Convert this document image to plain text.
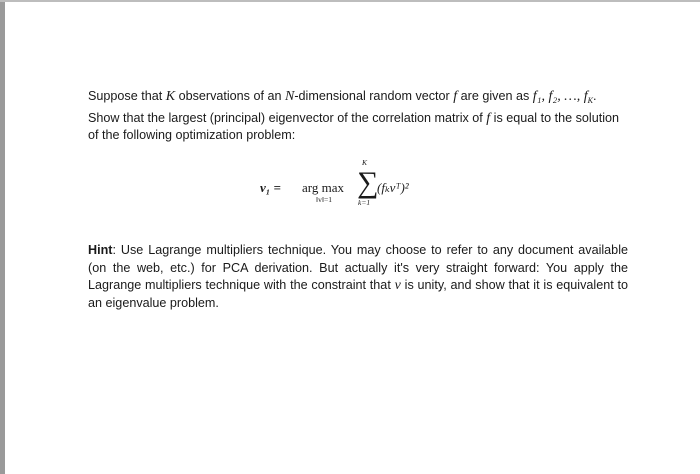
Suppose that K observations of an N-dimensional random vector f are given as f₁, f₂, …, $f_K$. Show that the largest (principal) eigenvector of the correlation matrix of f is equal to the solution of the following optimization problem:
v₁ = arg max
‖v‖=1
K
∑
k=1
(fₖvᵀ)²
Hint: Use Lagrange multipliers technique. You may choose to refer to any document available (on the web, etc.) for PCA derivation. But actually it's very straight forward: You apply the Lagrange multipliers technique with the constraint that v is unity, and show that it is equivalent to an eigenvalue problem.
